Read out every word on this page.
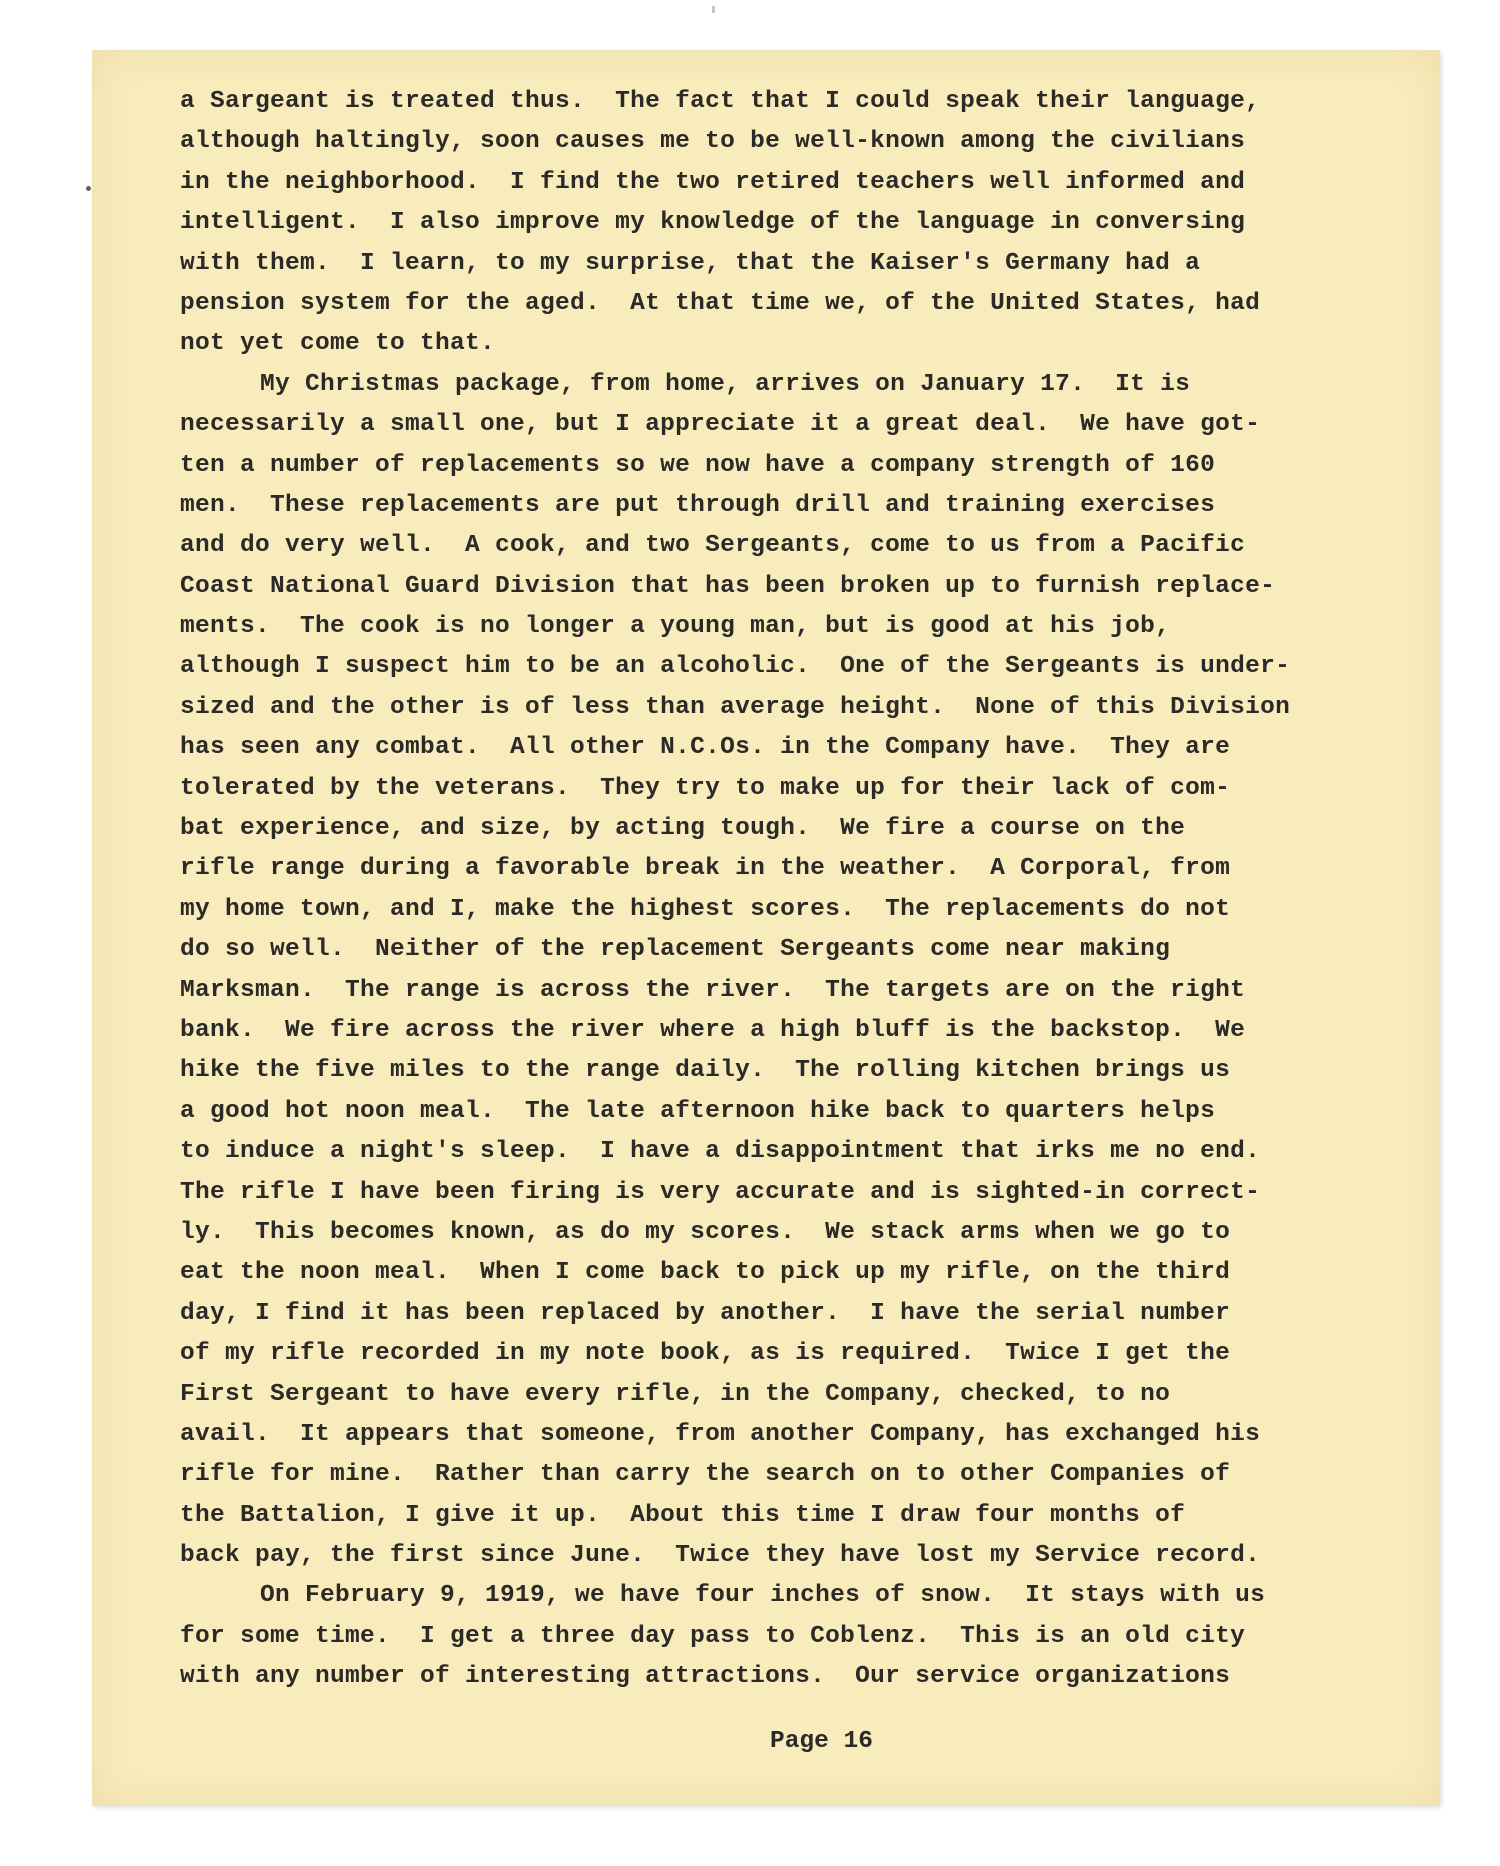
a Sargeant is treated thus.  The fact that I could speak their language,
although haltingly, soon causes me to be well-known among the civilians
in the neighborhood.  I find the two retired teachers well informed and
intelligent.  I also improve my knowledge of the language in conversing
with them.  I learn, to my surprise, that the Kaiser's Germany had a
pension system for the aged.  At that time we, of the United States, had
not yet come to that.
My Christmas package, from home, arrives on January 17.  It is
necessarily a small one, but I appreciate it a great deal.  We have got-
ten a number of replacements so we now have a company strength of 160
men.  These replacements are put through drill and training exercises
and do very well.  A cook, and two Sergeants, come to us from a Pacific
Coast National Guard Division that has been broken up to furnish replace-
ments.  The cook is no longer a young man, but is good at his job,
although I suspect him to be an alcoholic.  One of the Sergeants is under-
sized and the other is of less than average height.  None of this Division
has seen any combat.  All other N.C.Os. in the Company have.  They are
tolerated by the veterans.  They try to make up for their lack of com-
bat experience, and size, by acting tough.  We fire a course on the
rifle range during a favorable break in the weather.  A Corporal, from
my home town, and I, make the highest scores.  The replacements do not
do so well.  Neither of the replacement Sergeants come near making
Marksman.  The range is across the river.  The targets are on the right
bank.  We fire across the river where a high bluff is the backstop.  We
hike the five miles to the range daily.  The rolling kitchen brings us
a good hot noon meal.  The late afternoon hike back to quarters helps
to induce a night's sleep.  I have a disappointment that irks me no end.
The rifle I have been firing is very accurate and is sighted-in correct-
ly.  This becomes known, as do my scores.  We stack arms when we go to
eat the noon meal.  When I come back to pick up my rifle, on the third
day, I find it has been replaced by another.  I have the serial number
of my rifle recorded in my note book, as is required.  Twice I get the
First Sergeant to have every rifle, in the Company, checked, to no
avail.  It appears that someone, from another Company, has exchanged his
rifle for mine.  Rather than carry the search on to other Companies of
the Battalion, I give it up.  About this time I draw four months of
back pay, the first since June.  Twice they have lost my Service record.
On February 9, 1919, we have four inches of snow.  It stays with us
for some time.  I get a three day pass to Coblenz.  This is an old city
with any number of interesting attractions.  Our service organizations
Page 16
